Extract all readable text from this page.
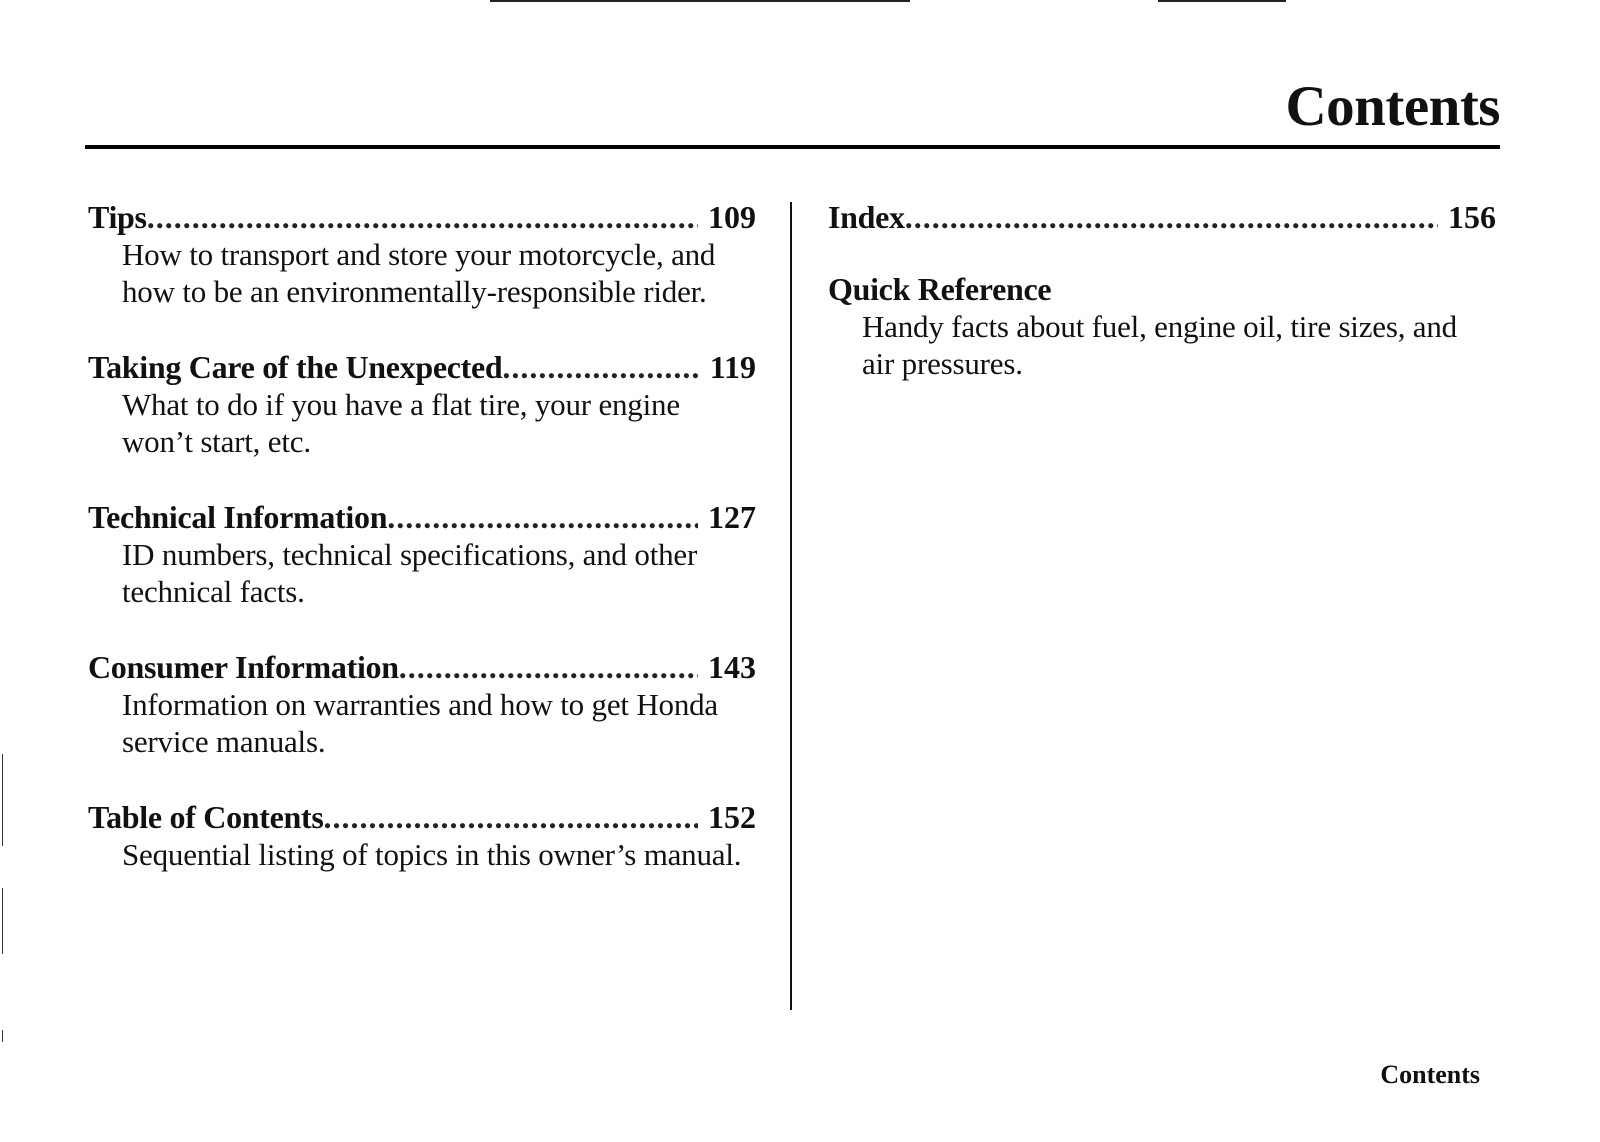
Contents
Tips .....	109

How to transport and store your motorcycle, and how to be an environmentally-responsible rider.

Taking Care of the Unexpected .....	119

What to do if you have a flat tire, your engine won’t start, etc.

Technical Information .....	127

ID numbers, technical specifications, and other technical facts.

Consumer Information .....	143

Information on warranties and how to get Honda service manuals.

Table of Contents .....	152

Sequential listing of topics in this owner’s manual.

Index .....	156
Quick Reference

Handy facts about fuel, engine oil, tire sizes, and air pressures.

Contents
